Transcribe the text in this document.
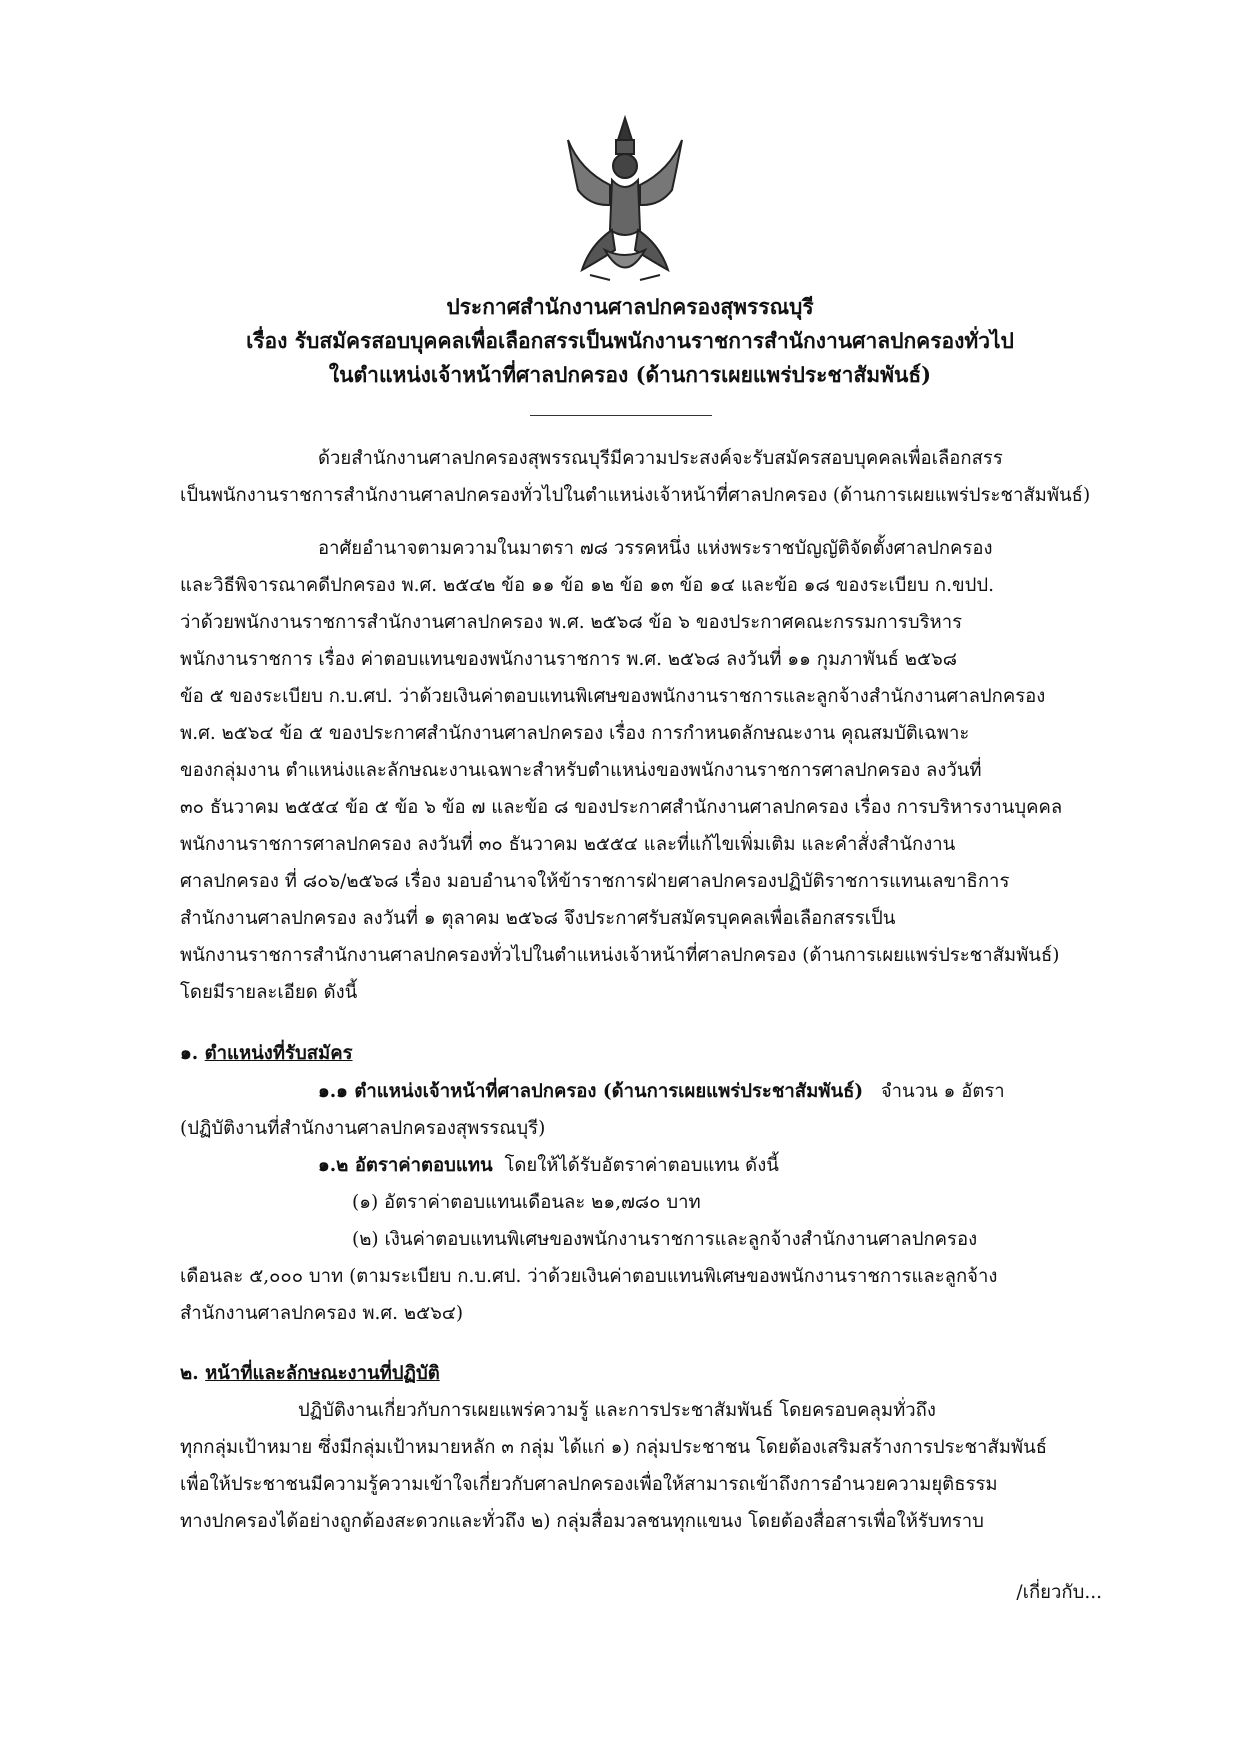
ประกาศสำนักงานศาลปกครองสุพรรณบุรี
เรื่อง รับสมัครสอบบุคคลเพื่อเลือกสรรเป็นพนักงานราชการสำนักงานศาลปกครองทั่วไป
ในตำแหน่งเจ้าหน้าที่ศาลปกครอง (ด้านการเผยแพร่ประชาสัมพันธ์)
ด้วยสำนักงานศาลปกครองสุพรรณบุรีมีความประสงค์จะรับสมัครสอบบุคคลเพื่อเลือกสรร
เป็นพนักงานราชการสำนักงานศาลปกครองทั่วไปในตำแหน่งเจ้าหน้าที่ศาลปกครอง (ด้านการเผยแพร่ประชาสัมพันธ์)
อาศัยอำนาจตามความในมาตรา ๗๘ วรรคหนึ่ง แห่งพระราชบัญญัติจัดตั้งศาลปกครอง
และวิธีพิจารณาคดีปกครอง พ.ศ. ๒๕๔๒ ข้อ ๑๑ ข้อ ๑๒ ข้อ ๑๓ ข้อ ๑๔ และข้อ ๑๘ ของระเบียบ ก.ขปป.
ว่าด้วยพนักงานราชการสำนักงานศาลปกครอง พ.ศ. ๒๕๖๘ ข้อ ๖ ของประกาศคณะกรรมการบริหาร
พนักงานราชการ เรื่อง ค่าตอบแทนของพนักงานราชการ พ.ศ. ๒๕๖๘ ลงวันที่ ๑๑ กุมภาพันธ์ ๒๕๖๘
ข้อ ๕ ของระเบียบ ก.บ.ศป. ว่าด้วยเงินค่าตอบแทนพิเศษของพนักงานราชการและลูกจ้างสำนักงานศาลปกครอง
พ.ศ. ๒๕๖๔ ข้อ ๕ ของประกาศสำนักงานศาลปกครอง เรื่อง การกำหนดลักษณะงาน คุณสมบัติเฉพาะ
ของกลุ่มงาน ตำแหน่งและลักษณะงานเฉพาะสำหรับตำแหน่งของพนักงานราชการศาลปกครอง ลงวันที่
๓๐ ธันวาคม ๒๕๕๔ ข้อ ๕ ข้อ ๖ ข้อ ๗ และข้อ ๘ ของประกาศสำนักงานศาลปกครอง เรื่อง การบริหารงานบุคคล
พนักงานราชการศาลปกครอง ลงวันที่ ๓๐ ธันวาคม ๒๕๕๔ และที่แก้ไขเพิ่มเติม และคำสั่งสำนักงาน
ศาลปกครอง ที่ ๘๐๖/๒๕๖๘ เรื่อง มอบอำนาจให้ข้าราชการฝ่ายศาลปกครองปฏิบัติราชการแทนเลขาธิการ
สำนักงานศาลปกครอง ลงวันที่ ๑ ตุลาคม ๒๕๖๘ จึงประกาศรับสมัครบุคคลเพื่อเลือกสรรเป็น
พนักงานราชการสำนักงานศาลปกครองทั่วไปในตำแหน่งเจ้าหน้าที่ศาลปกครอง (ด้านการเผยแพร่ประชาสัมพันธ์)
โดยมีรายละเอียด ดังนี้
๑. ตำแหน่งที่รับสมัคร
๑.๑ ตำแหน่งเจ้าหน้าที่ศาลปกครอง (ด้านการเผยแพร่ประชาสัมพันธ์) จำนวน ๑ อัตรา
(ปฏิบัติงานที่สำนักงานศาลปกครองสุพรรณบุรี)
๑.๒ อัตราค่าตอบแทน โดยให้ได้รับอัตราค่าตอบแทน ดังนี้
(๑) อัตราค่าตอบแทนเดือนละ ๒๑,๗๘๐ บาท
(๒) เงินค่าตอบแทนพิเศษของพนักงานราชการและลูกจ้างสำนักงานศาลปกครอง
เดือนละ ๕,๐๐๐ บาท (ตามระเบียบ ก.บ.ศป. ว่าด้วยเงินค่าตอบแทนพิเศษของพนักงานราชการและลูกจ้าง
สำนักงานศาลปกครอง พ.ศ. ๒๕๖๔)
๒. หน้าที่และลักษณะงานที่ปฏิบัติ
ปฏิบัติงานเกี่ยวกับการเผยแพร่ความรู้ และการประชาสัมพันธ์ โดยครอบคลุมทั่วถึง
ทุกกลุ่มเป้าหมาย ซึ่งมีกลุ่มเป้าหมายหลัก ๓ กลุ่ม ได้แก่ ๑) กลุ่มประชาชน โดยต้องเสริมสร้างการประชาสัมพันธ์
เพื่อให้ประชาชนมีความรู้ความเข้าใจเกี่ยวกับศาลปกครองเพื่อให้สามารถเข้าถึงการอำนวยความยุติธรรม
ทางปกครองได้อย่างถูกต้องสะดวกและทั่วถึง ๒) กลุ่มสื่อมวลชนทุกแขนง โดยต้องสื่อสารเพื่อให้รับทราบ
/เกี่ยวกับ...
